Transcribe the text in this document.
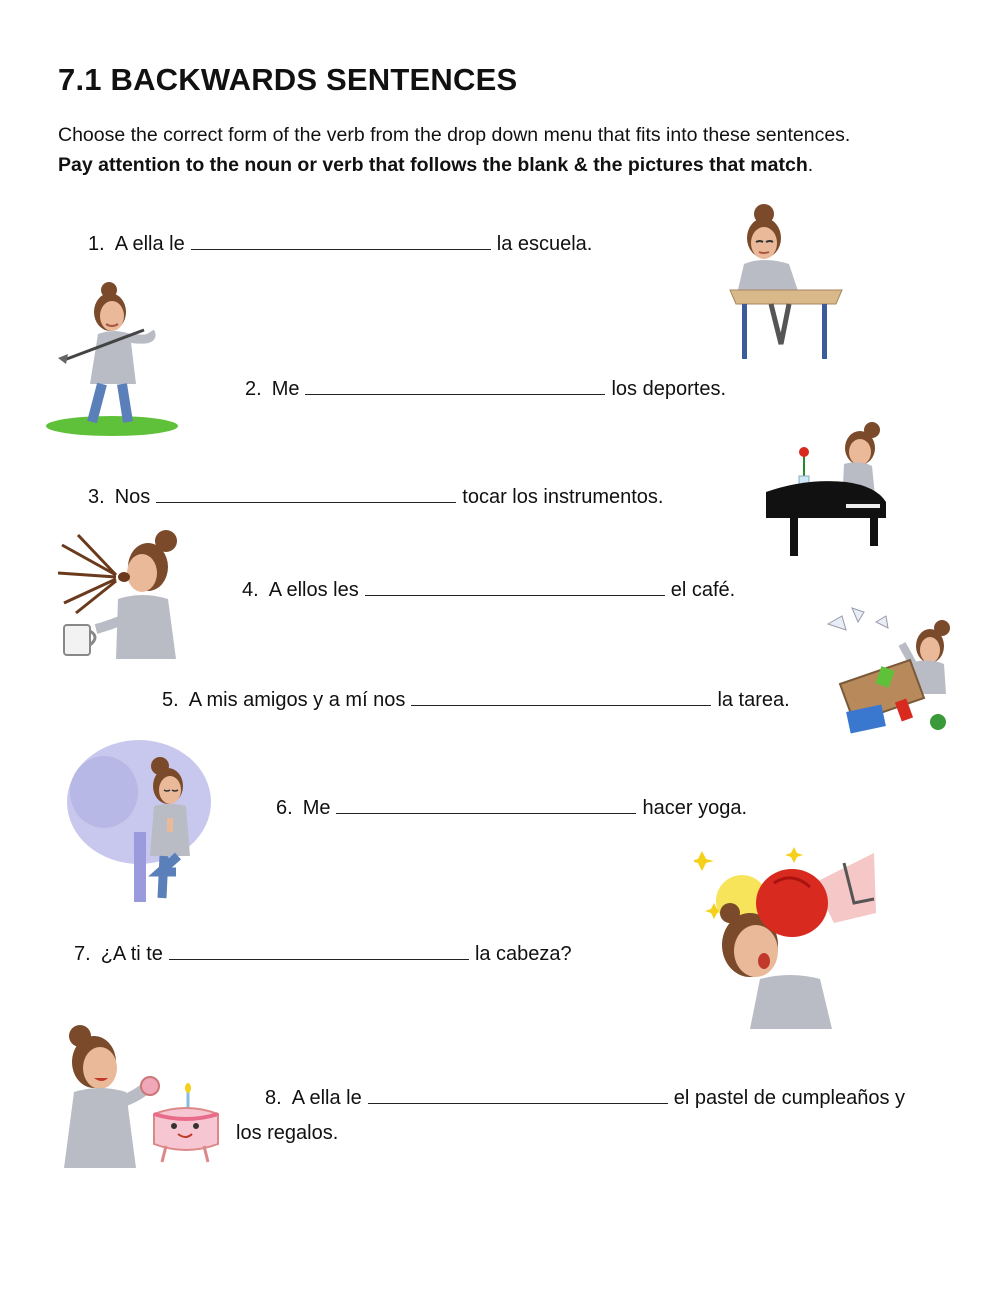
7.1 BACKWARDS SENTENCES

Choose the correct form of the verb from the drop down menu that fits into these sentences.
Pay attention to the noun or verb that follows the blank & the pictures that match.

1. A ella le	la escuela.
2. Me	los deportes.
3. Nos	tocar los instrumentos.
4. A ellos les	el café.
5. A mis amigos y a mí nos	la tarea.
6. Me	hacer yoga.
7. ¿A ti te	la cabeza?
8. A ella le	el pastel de cumpleaños y
los regalos.
